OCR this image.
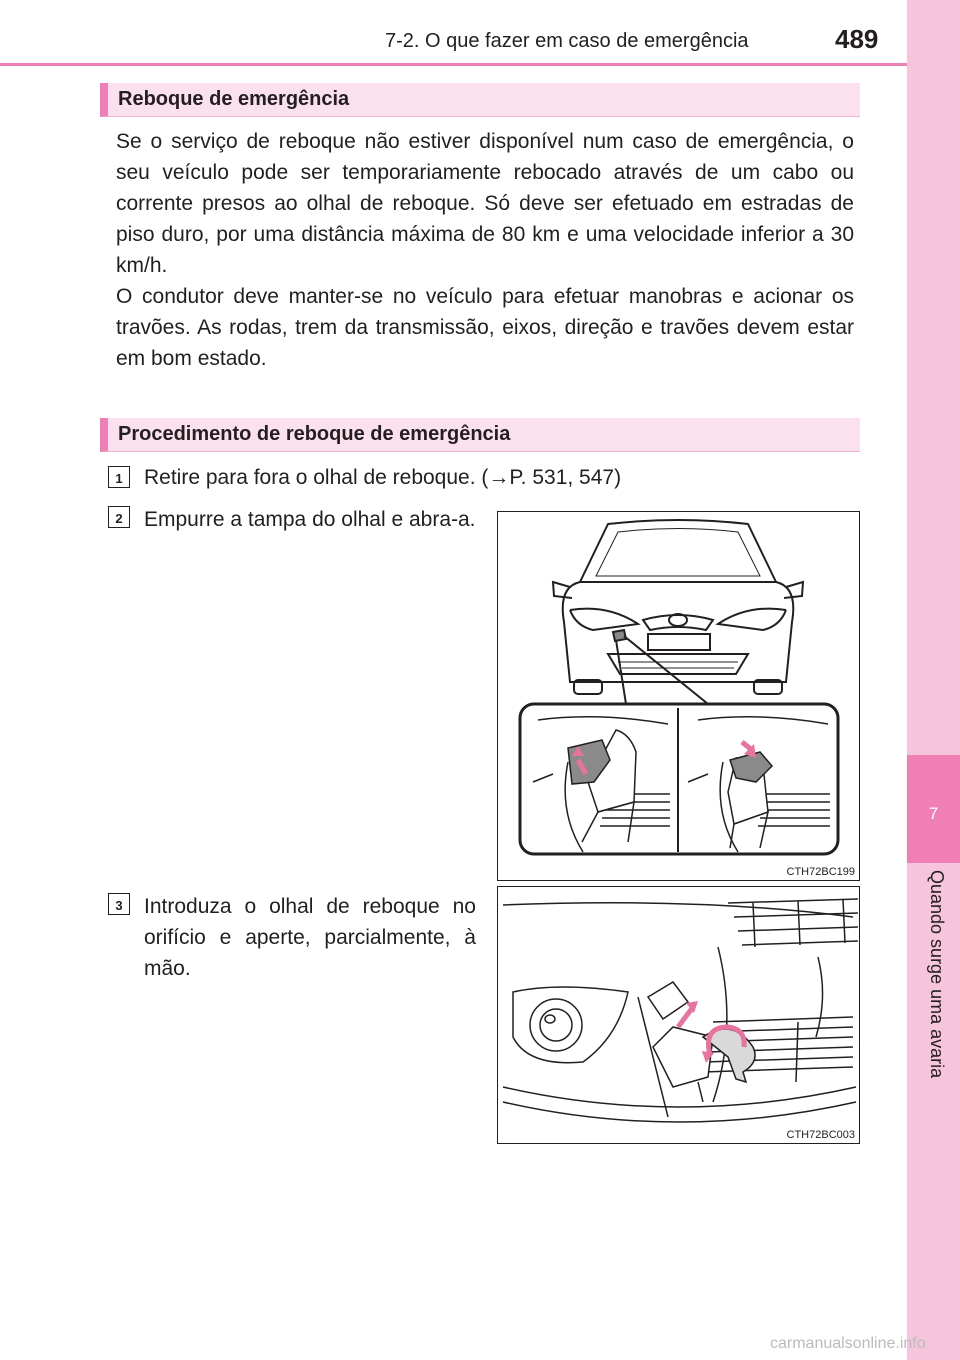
7
7-2. O que fazer em caso de emergência	489
Reboque de emergência

Se o serviço de reboque não estiver disponível num caso de emergência, o seu veículo pode ser temporariamente rebocado através de um cabo ou corrente presos ao olhal de reboque. Só deve ser efetuado em estradas de piso duro, por uma distância máxima de 80 km e uma velocidade inferior a 30 km/h.

O condutor deve manter-se no veículo para efetuar manobras e acionar os travões. As rodas, trem da transmissão, eixos, direção e travões devem estar em bom estado.

Procedimento de reboque de emergência
1	Retire para fora o olhal de reboque. (→P. 531, 547)
2	Empurre a tampa do olhal e abra-a.
CTH72BC199
3	Introduza o olhal de reboque no orifício e aperte, parcialmente, à mão.
CTH72BC003
carmanualsonline.info
